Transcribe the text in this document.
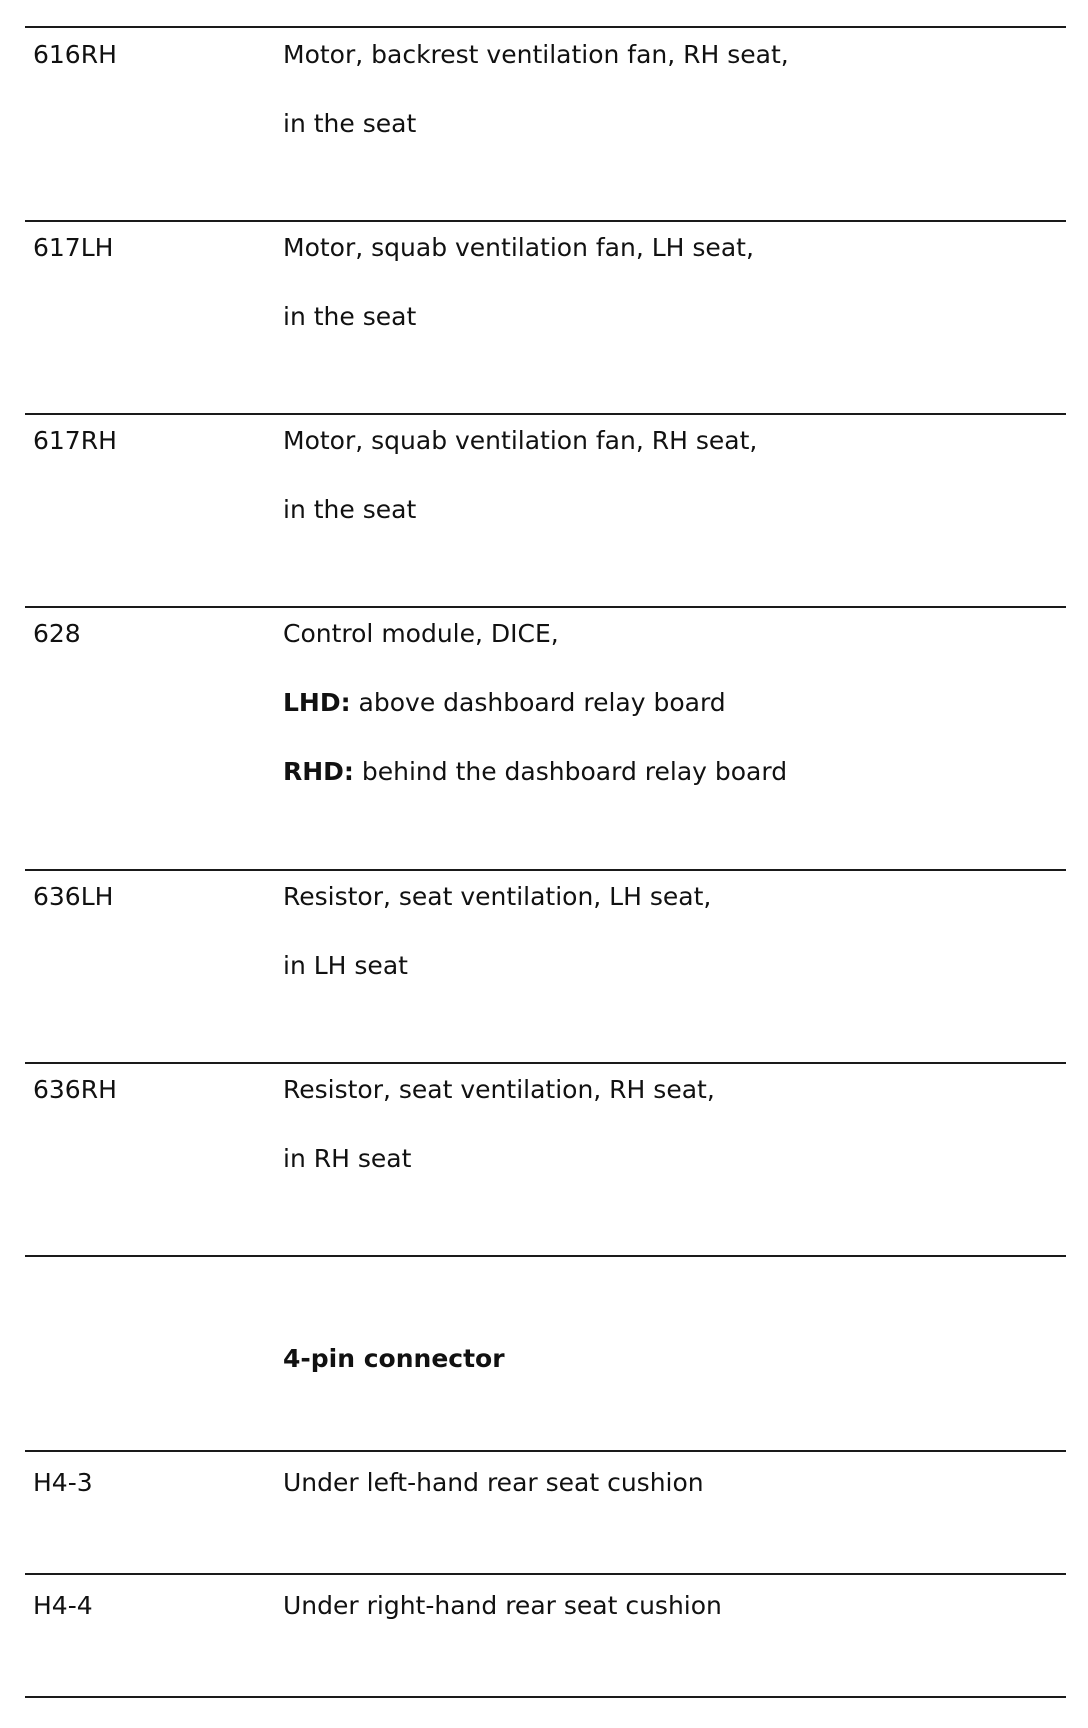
616RH	Motor, backrest ventilation fan, RH seat,
in the seat
617LH	Motor, squab ventilation fan, LH seat,
in the seat
617RH	Motor, squab ventilation fan, RH seat,
in the seat
628	Control module, DICE,
LHD: above dashboard relay board
RHD: behind the dashboard relay board
636LH	Resistor, seat ventilation, LH seat,
in LH seat
636RH	Resistor, seat ventilation, RH seat,
in RH seat
4-pin connector
H4-3	Under left-hand rear seat cushion
H4-4	Under right-hand rear seat cushion
